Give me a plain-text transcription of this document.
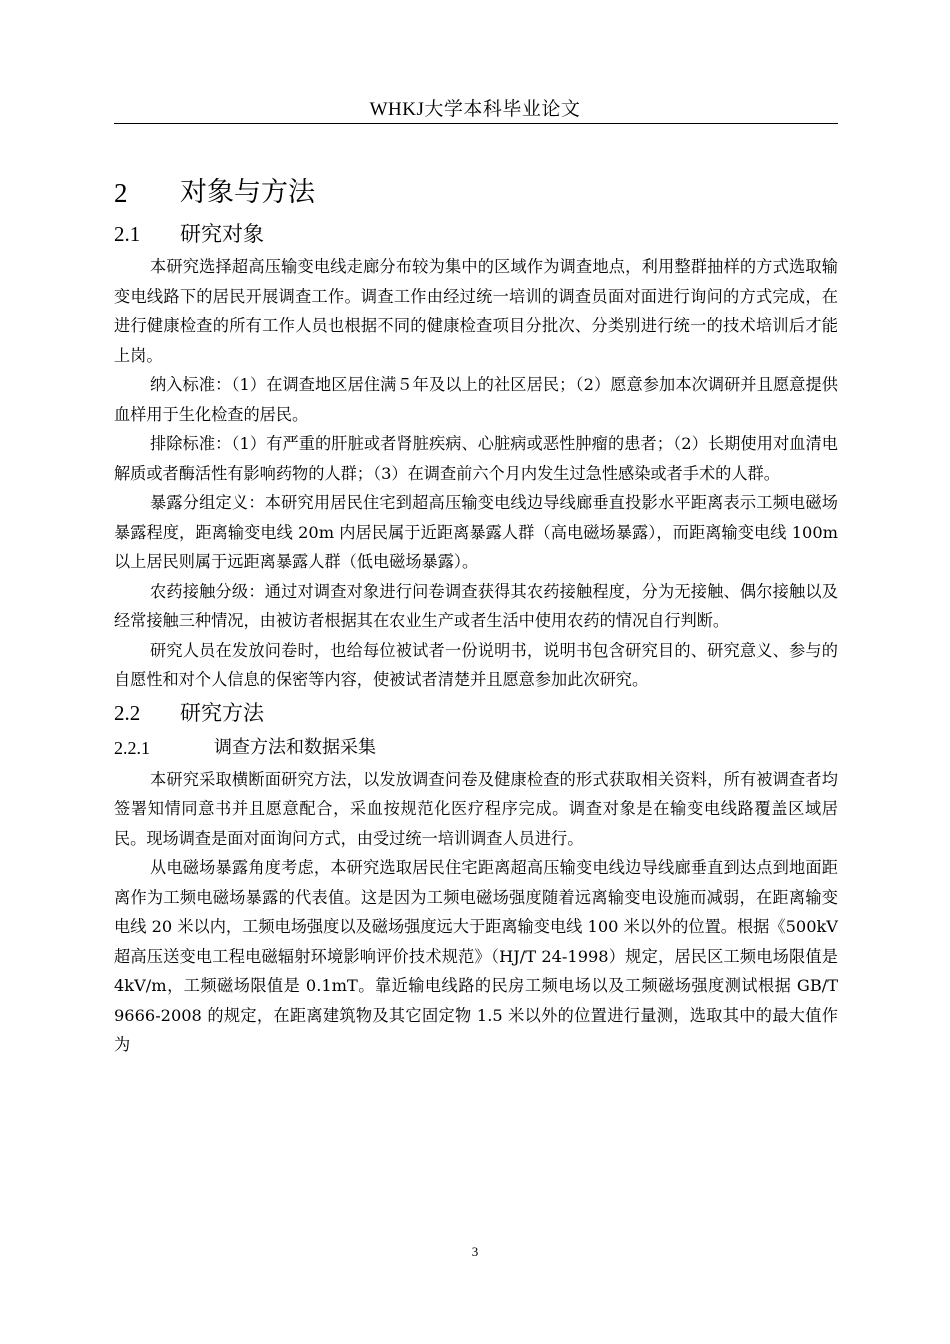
WHKJ大学本科毕业论文
2	对象与方法
2.1	研究对象

本研究选择超高压输变电线走廊分布较为集中的区域作为调查地点，利用整群抽样的方式选取输变电线路下的居民开展调查工作。调查工作由经过统一培训的调查员面对面进行询问的方式完成，在进行健康检查的所有工作人员也根据不同的健康检查项目分批次、分类别进行统一的技术培训后才能上岗。

纳入标准：（1）在调查地区居住满５年及以上的社区居民；（2）愿意参加本次调研并且愿意提供血样用于生化检查的居民。

排除标准：（1）有严重的肝脏或者肾脏疾病、心脏病或恶性肿瘤的患者；（2）长期使用对血清电解质或者酶活性有影响药物的人群；（3）在调查前六个月内发生过急性感染或者手术的人群。

暴露分组定义：本研究用居民住宅到超高压输变电线边导线廊垂直投影水平距离表示工频电磁场暴露程度，距离输变电线 20m 内居民属于近距离暴露人群（高电磁场暴露），而距离输变电线 100m 以上居民则属于远距离暴露人群（低电磁场暴露）。

农药接触分级：通过对调查对象进行问卷调查获得其农药接触程度，分为无接触、偶尔接触以及经常接触三种情况，由被访者根据其在农业生产或者生活中使用农药的情况自行判断。

研究人员在发放问卷时，也给每位被试者一份说明书，说明书包含研究目的、研究意义、参与的自愿性和对个人信息的保密等内容，使被试者清楚并且愿意参加此次研究。

2.2	研究方法
2.2.1	调查方法和数据采集

本研究采取横断面研究方法，以发放调查问卷及健康检查的形式获取相关资料，所有被调查者均签署知情同意书并且愿意配合，采血按规范化医疗程序完成。调查对象是在输变电线路覆盖区域居民。现场调查是面对面询问方式，由受过统一培训调查人员进行。

从电磁场暴露角度考虑，本研究选取居民住宅距离超高压输变电线边导线廊垂直到达点到地面距离作为工频电磁场暴露的代表值。这是因为工频电磁场强度随着远离输变电设施而减弱，在距离输变电线 20 米以内，工频电场强度以及磁场强度远大于距离输变电线 100 米以外的位置。根据《500kV 超高压送变电工程电磁辐射环境影响评价技术规范》（HJ/T 24-1998）规定，居民区工频电场限值是 4kV/m，工频磁场限值是 0.1mT。靠近输电线路的民房工频电场以及工频磁场强度测试根据 GB/T 9666-2008 的规定，在距离建筑物及其它固定物 1.5 米以外的位置进行量测，选取其中的最大值作为

3
